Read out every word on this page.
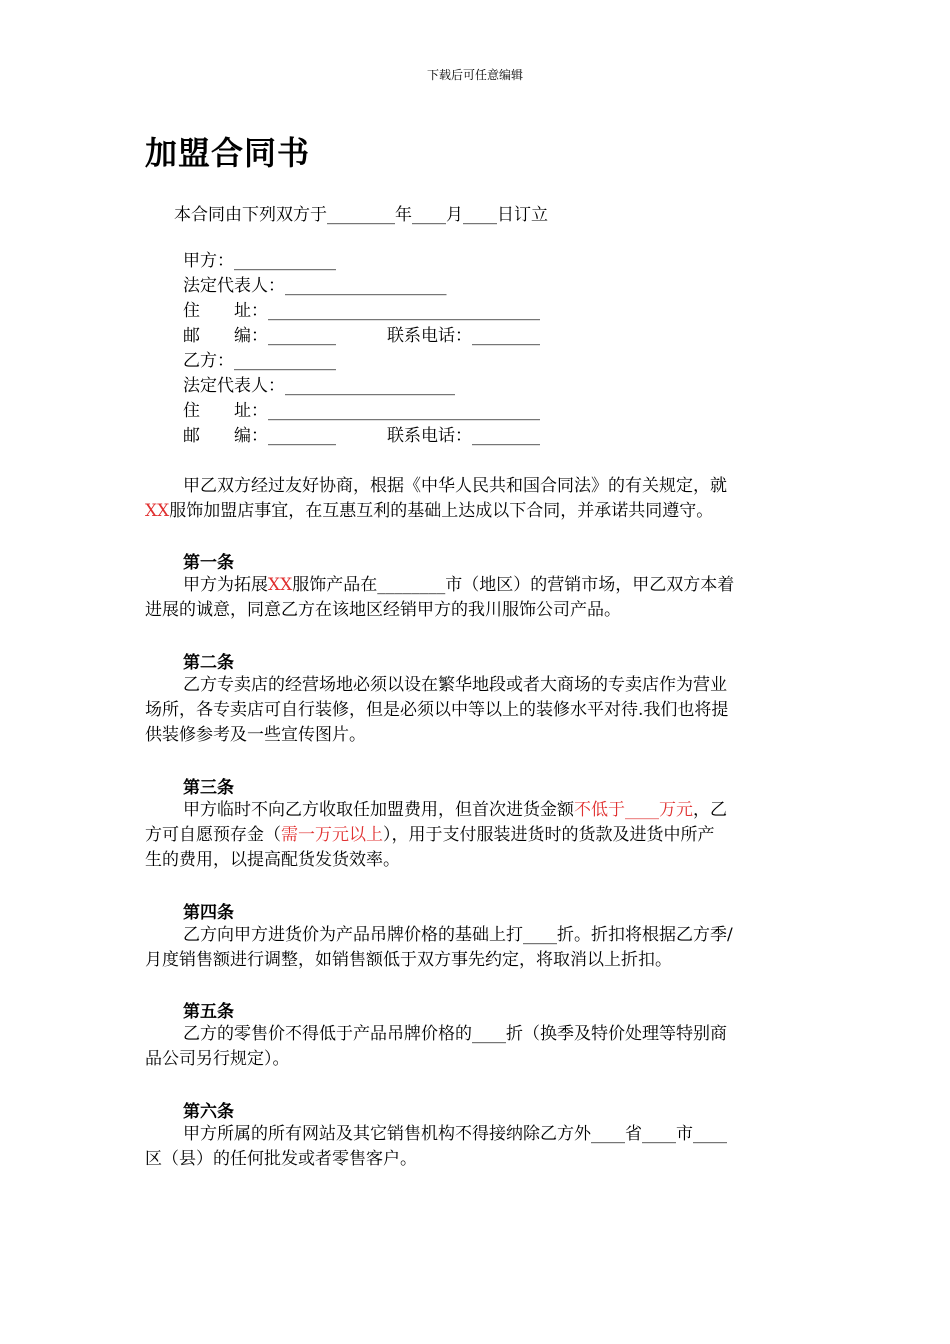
下载后可任意编辑
加盟合同书
本合同由下列双方于________年____月____日订立
甲方：____________
法定代表人：___________________
住　　址：________________________________
邮　　编：________　　　联系电话：________
乙方：____________
法定代表人：____________________
住　　址：________________________________
邮　　编：________　　　联系电话：________
甲乙双方经过友好协商，根据《中华人民共和国合同法》的有关规定，就
XX服饰加盟店事宜，在互惠互利的基础上达成以下合同，并承诺共同遵守。
第一条
甲方为拓展XX服饰产品在________市（地区）的营销市场，甲乙双方本着
进展的诚意，同意乙方在该地区经销甲方的我川服饰公司产品。
第二条
乙方专卖店的经营场地必须以设在繁华地段或者大商场的专卖店作为营业
场所，各专卖店可自行装修，但是必须以中等以上的装修水平对待.我们也将提
供装修参考及一些宣传图片。
第三条
甲方临时不向乙方收取任加盟费用，但首次进货金额不低于____万元，乙
方可自愿预存金（需一万元以上），用于支付服装进货时的货款及进货中所产
生的费用，以提高配货发货效率。
第四条
乙方向甲方进货价为产品吊牌价格的基础上打____折。折扣将根据乙方季/
月度销售额进行调整，如销售额低于双方事先约定，将取消以上折扣。
第五条
乙方的零售价不得低于产品吊牌价格的____折（换季及特价处理等特别商
品公司另行规定）。
第六条
甲方所属的所有网站及其它销售机构不得接纳除乙方外____省____市____
区（县）的任何批发或者零售客户。
